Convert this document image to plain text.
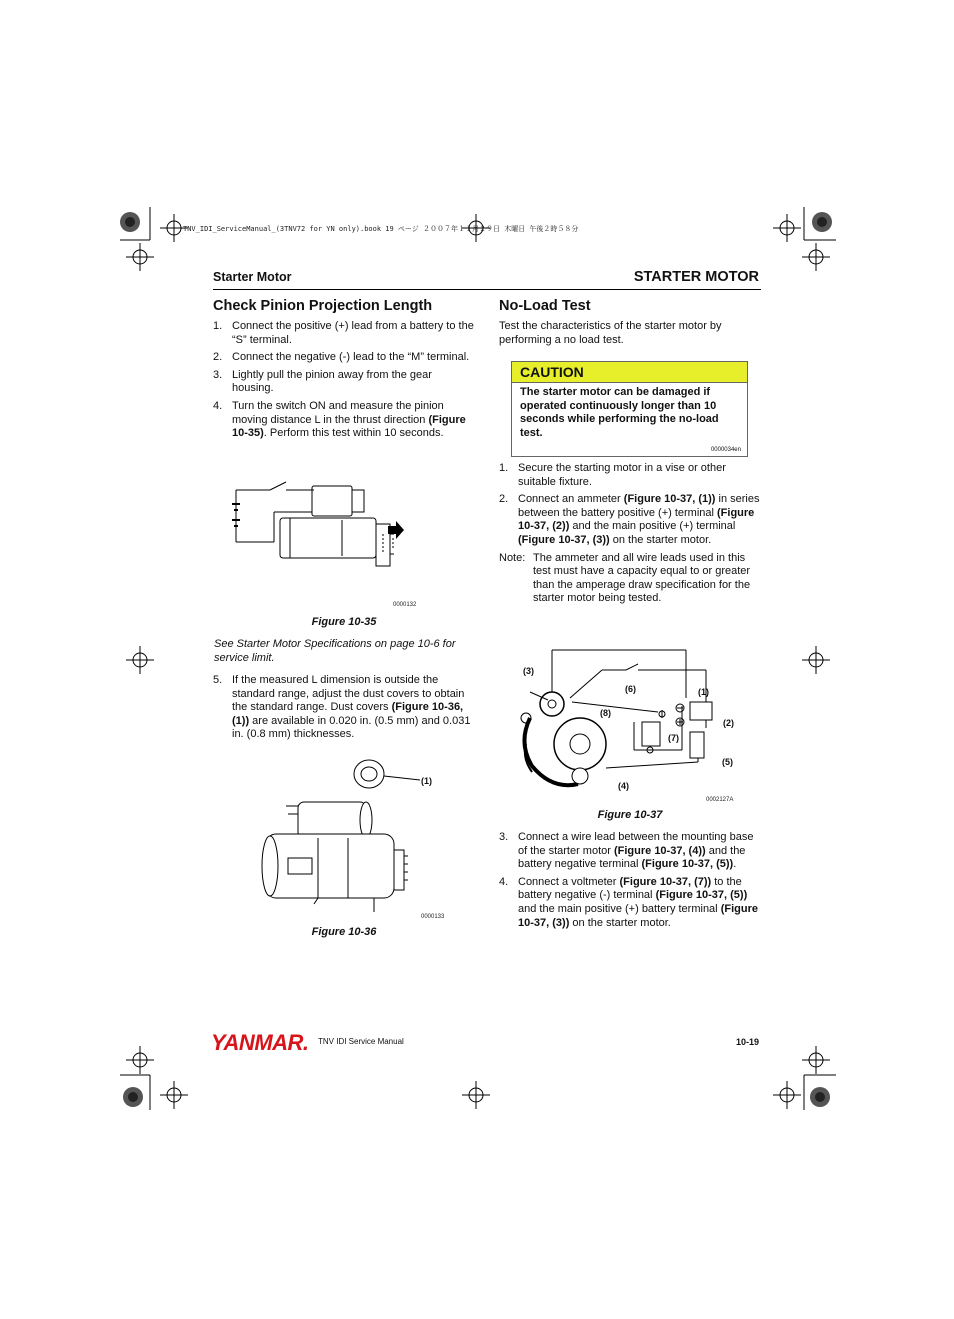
TNV_IDI_ServiceManual_(3TNV72 for YN only).book 19 ページ ２００７年１１月２９日 木曜日 午後２時５８分
Starter Motor	STARTER MOTOR
Check Pinion Projection Length
1. Connect the positive (+) lead from a battery to the “S” terminal.
2. Connect the negative (-) lead to the “M” terminal.
3. Lightly pull the pinion away from the gear housing.
4. Turn the switch ON and measure the pinion moving distance L in the thrust direction (Figure 10-35). Perform this test within 10 seconds.
0000132
Figure 10-35
See Starter Motor Specifications on page 10-6 for service limit.
5. If the measured L dimension is outside the standard range, adjust the dust covers to obtain the standard range. Dust covers (Figure 10-36, (1)) are available in 0.020 in. (0.5 mm) and 0.031 in. (0.8 mm) thicknesses.
(1)
0000133
Figure 10-36
No-Load Test
Test the characteristics of the starter motor by performing a no load test.
CAUTION
The starter motor can be damaged if operated continuously longer than 10 seconds while performing the no-load test.
0000034en
1. Secure the starting motor in a vise or other suitable fixture.
2. Connect an ammeter (Figure 10-37, (1)) in series between the battery positive (+) terminal (Figure 10-37, (2)) and the main positive (+) terminal (Figure 10-37, (3)) on the starter motor.
Note: The ammeter and all wire leads used in this test must have a capacity equal to or greater than the amperage draw specification for the starter motor being tested.
(3)
(6)	(1)
(8)
(2)
(7)
(5)
(4)
0002127A
Figure 10-37
3. Connect a wire lead between the mounting base of the starter motor (Figure 10-37, (4)) and the battery negative terminal (Figure 10-37, (5)).
4. Connect a voltmeter (Figure 10-37, (7)) to the battery negative (-) terminal (Figure 10-37, (5)) and the main positive (+) battery terminal (Figure 10-37, (3)) on the starter motor.
YANMAR. TNV IDI Service Manual	10-19
